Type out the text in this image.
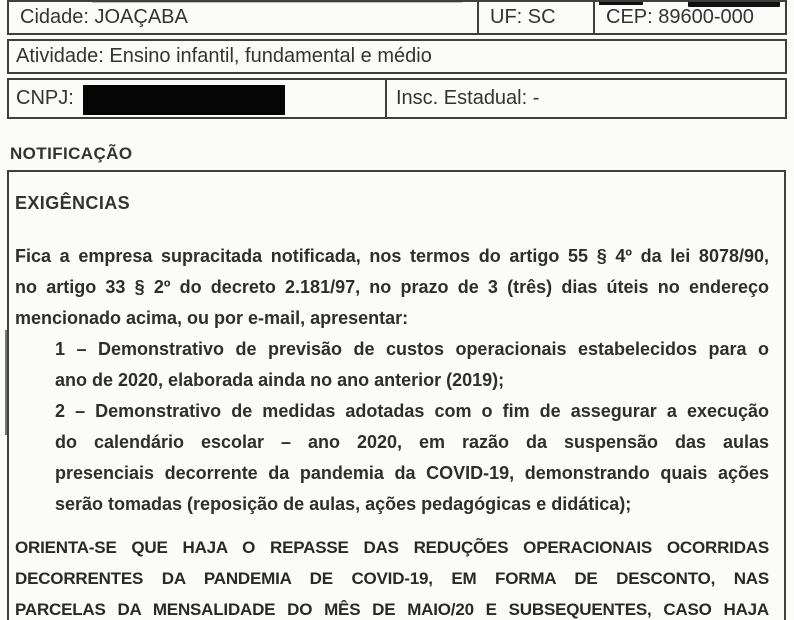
Cidade: JOAÇABA	UF: SC	CEP: 89600-000
Atividade: Ensino infantil, fundamental e médio
CNPJ:	Insc. Estadual: -
NOTIFICAÇÃO
EXIGÊNCIAS
Fica a empresa supracitada notificada, nos termos do artigo 55 § 4º da lei 8078/90,
no artigo 33 § 2º do decreto 2.181/97, no prazo de 3 (três) dias úteis no endereço
mencionado acima, ou por e-mail, apresentar:
1 – Demonstrativo de previsão de custos operacionais estabelecidos para o
ano de 2020, elaborada ainda no ano anterior (2019);
2 – Demonstrativo de medidas adotadas com o fim de assegurar a execução
do calendário escolar – ano 2020, em razão da suspensão das aulas
presenciais decorrente da pandemia da COVID-19, demonstrando quais ações
serão tomadas (reposição de aulas, ações pedagógicas e didática);
ORIENTA-SE QUE HAJA O REPASSE DAS REDUÇÕES OPERACIONAIS OCORRIDAS
DECORRENTES DA PANDEMIA DE COVID-19, EM FORMA DE DESCONTO, NAS
PARCELAS DA MENSALIDADE DO MÊS DE MAIO/20 E SUBSEQUENTES, CASO HAJA
